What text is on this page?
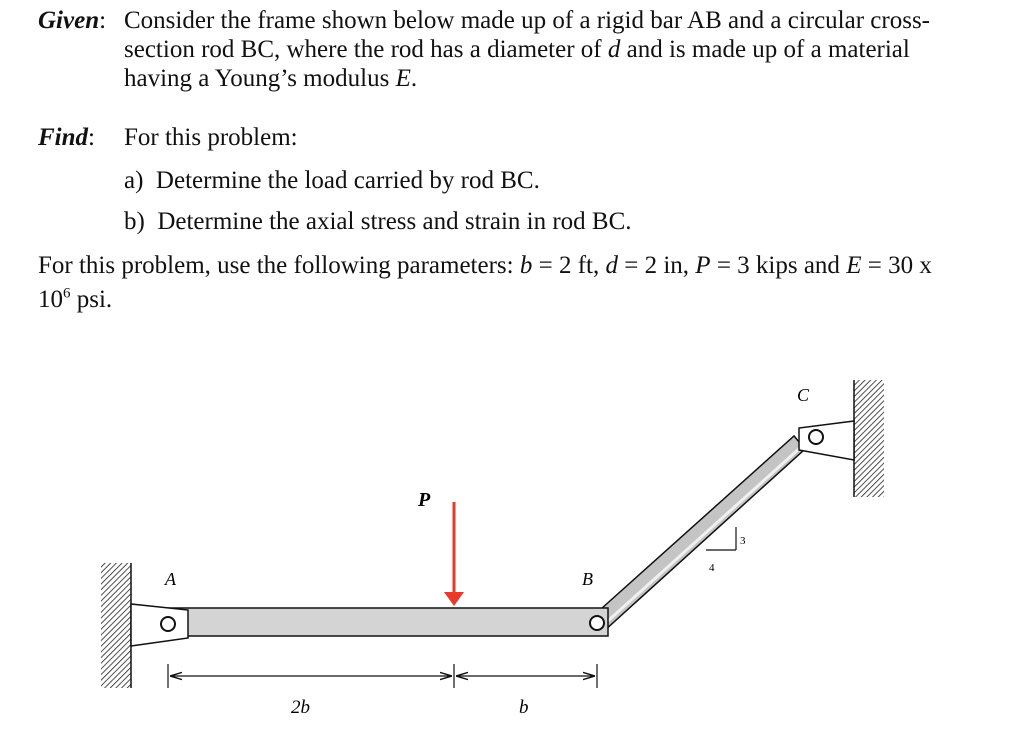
Given: Consider the frame shown below made up of a rigid bar AB and a circular cross-
section rod BC, where the rod has a diameter of d and is made up of a material
having a Young’s modulus E.
Find: For this problem:
a) Determine the load carried by rod BC.
b) Determine the axial stress and strain in rod BC.
For this problem, use the following parameters: b = 2 ft, d = 2 in, P = 3 kips and E = 30 x
$10^6$ psi.
A	B
C
P
3
4
2b	b
